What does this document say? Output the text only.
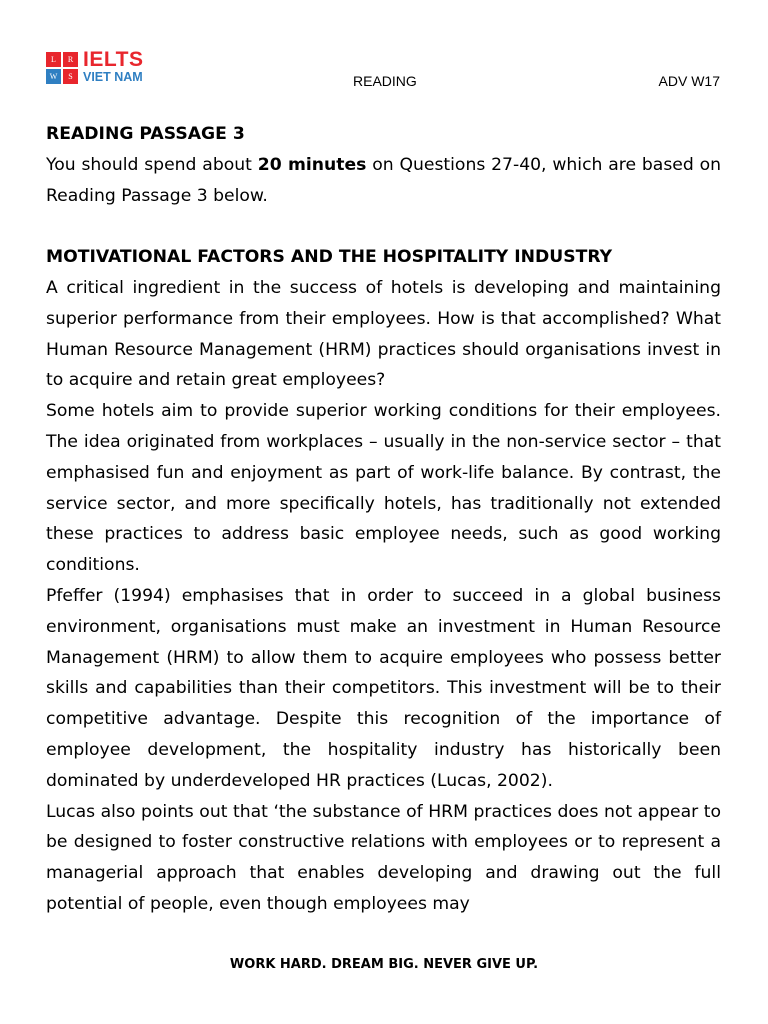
L	R
W	S
IELTS
VIET NAM	READING	ADV W17

READING PASSAGE 3

You should spend about 20 minutes on Questions 27-40, which are based on Reading Passage 3 below.

MOTIVATIONAL FACTORS AND THE HOSPITALITY INDUSTRY

A critical ingredient in the success of hotels is developing and maintaining superior performance from their employees. How is that accomplished? What Human Resource Management (HRM) practices should organisations invest in to acquire and retain great employees?

Some hotels aim to provide superior working conditions for their employees. The idea originated from workplaces – usually in the non-service sector – that emphasised fun and enjoyment as part of work-life balance. By contrast, the service sector, and more specifically hotels, has traditionally not extended these practices to address basic employee needs, such as good working conditions.

Pfeffer (1994) emphasises that in order to succeed in a global business environment, organisations must make an investment in Human Resource Management (HRM) to allow them to acquire employees who possess better skills and capabilities than their competitors. This investment will be to their competitive advantage. Despite this recognition of the importance of employee development, the hospitality industry has historically been dominated by underdeveloped HR practices (Lucas, 2002).

Lucas also points out that ‘the substance of HRM practices does not appear to be designed to foster constructive relations with employees or to represent a managerial approach that enables developing and drawing out the full potential of people, even though employees may

WORK HARD. DREAM BIG. NEVER GIVE UP.
